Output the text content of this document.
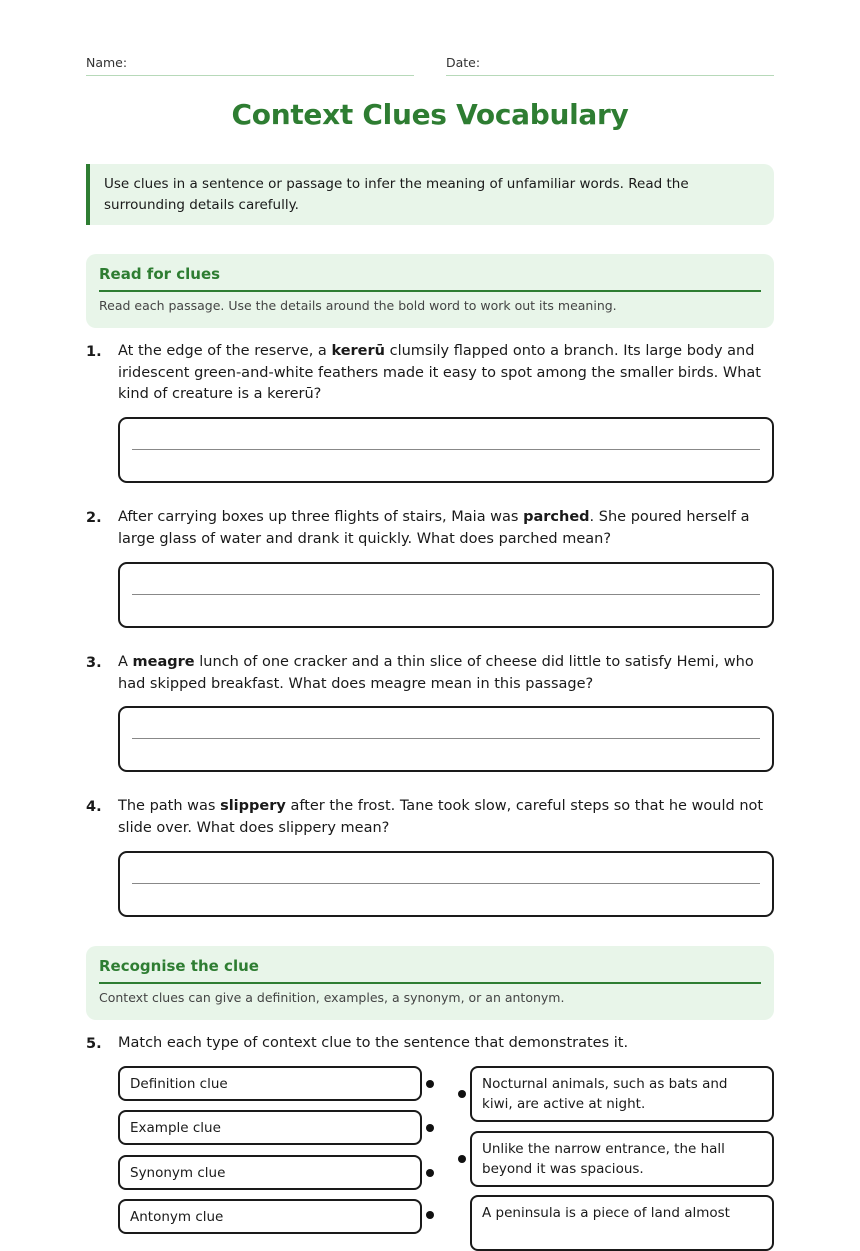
Name:	Date:
Context Clues Vocabulary
Use clues in a sentence or passage to infer the meaning of unfamiliar words. Read the surrounding details carefully.
Read for clues
Read each passage. Use the details around the bold word to work out its meaning.
1. At the edge of the reserve, a kererū clumsily flapped onto a branch. Its large body and iridescent green-and-white feathers made it easy to spot among the smaller birds. What kind of creature is a kererū?
2. After carrying boxes up three flights of stairs, Maia was parched. She poured herself a large glass of water and drank it quickly. What does parched mean?
3. A meagre lunch of one cracker and a thin slice of cheese did little to satisfy Hemi, who had skipped breakfast. What does meagre mean in this passage?
4. The path was slippery after the frost. Tane took slow, careful steps so that he would not slide over. What does slippery mean?
Recognise the clue
Context clues can give a definition, examples, a synonym, or an antonym.
5. Match each type of context clue to the sentence that demonstrates it.
Definition clue
Example clue
Synonym clue
Antonym clue
Nocturnal animals, such as bats and kiwi, are active at night.
Unlike the narrow entrance, the hall beyond it was spacious.
A peninsula is a piece of land almost
